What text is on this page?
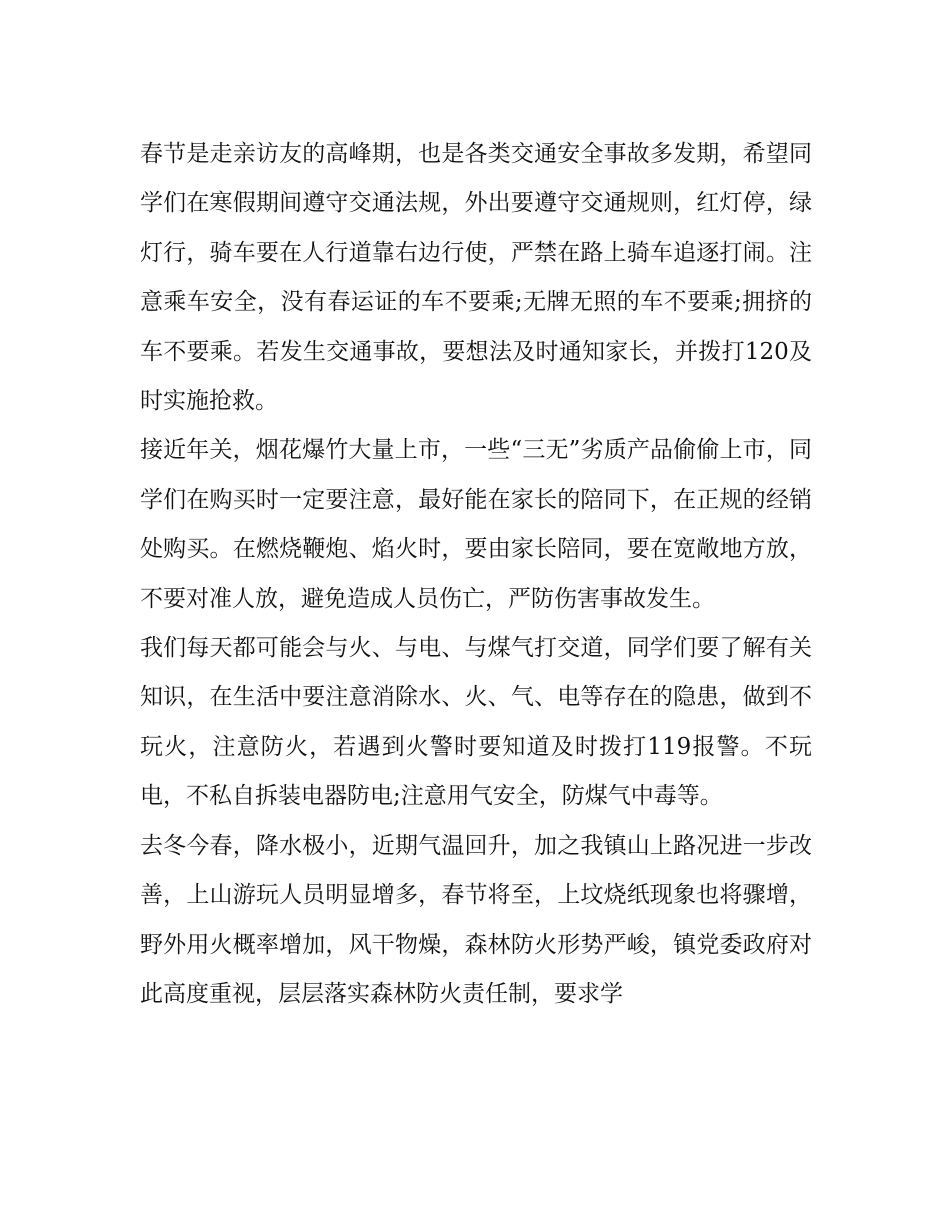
春节是走亲访友的高峰期，也是各类交通安全事故多发期，希望同学们在寒假期间遵守交通法规，外出要遵守交通规则，红灯停，绿灯行，骑车要在人行道靠右边行使，严禁在路上骑车追逐打闹。注意乘车安全，没有春运证的车不要乘;无牌无照的车不要乘;拥挤的车不要乘。若发生交通事故，要想法及时通知家长，并拨打120及时实施抢救。

接近年关，烟花爆竹大量上市，一些“三无”劣质产品偷偷上市，同学们在购买时一定要注意，最好能在家长的陪同下，在正规的经销处购买。在燃烧鞭炮、焰火时，要由家长陪同，要在宽敞地方放，不要对准人放，避免造成人员伤亡，严防伤害事故发生。

我们每天都可能会与火、与电、与煤气打交道，同学们要了解有关知识，在生活中要注意消除水、火、气、电等存在的隐患，做到不玩火，注意防火，若遇到火警时要知道及时拨打119报警。不玩电，不私自拆装电器防电;注意用气安全，防煤气中毒等。

去冬今春，降水极小，近期气温回升，加之我镇山上路况进一步改善，上山游玩人员明显增多，春节将至，上坟烧纸现象也将骤增，野外用火概率增加，风干物燥，森林防火形势严峻，镇党委政府对此高度重视，层层落实森林防火责任制，要求学
